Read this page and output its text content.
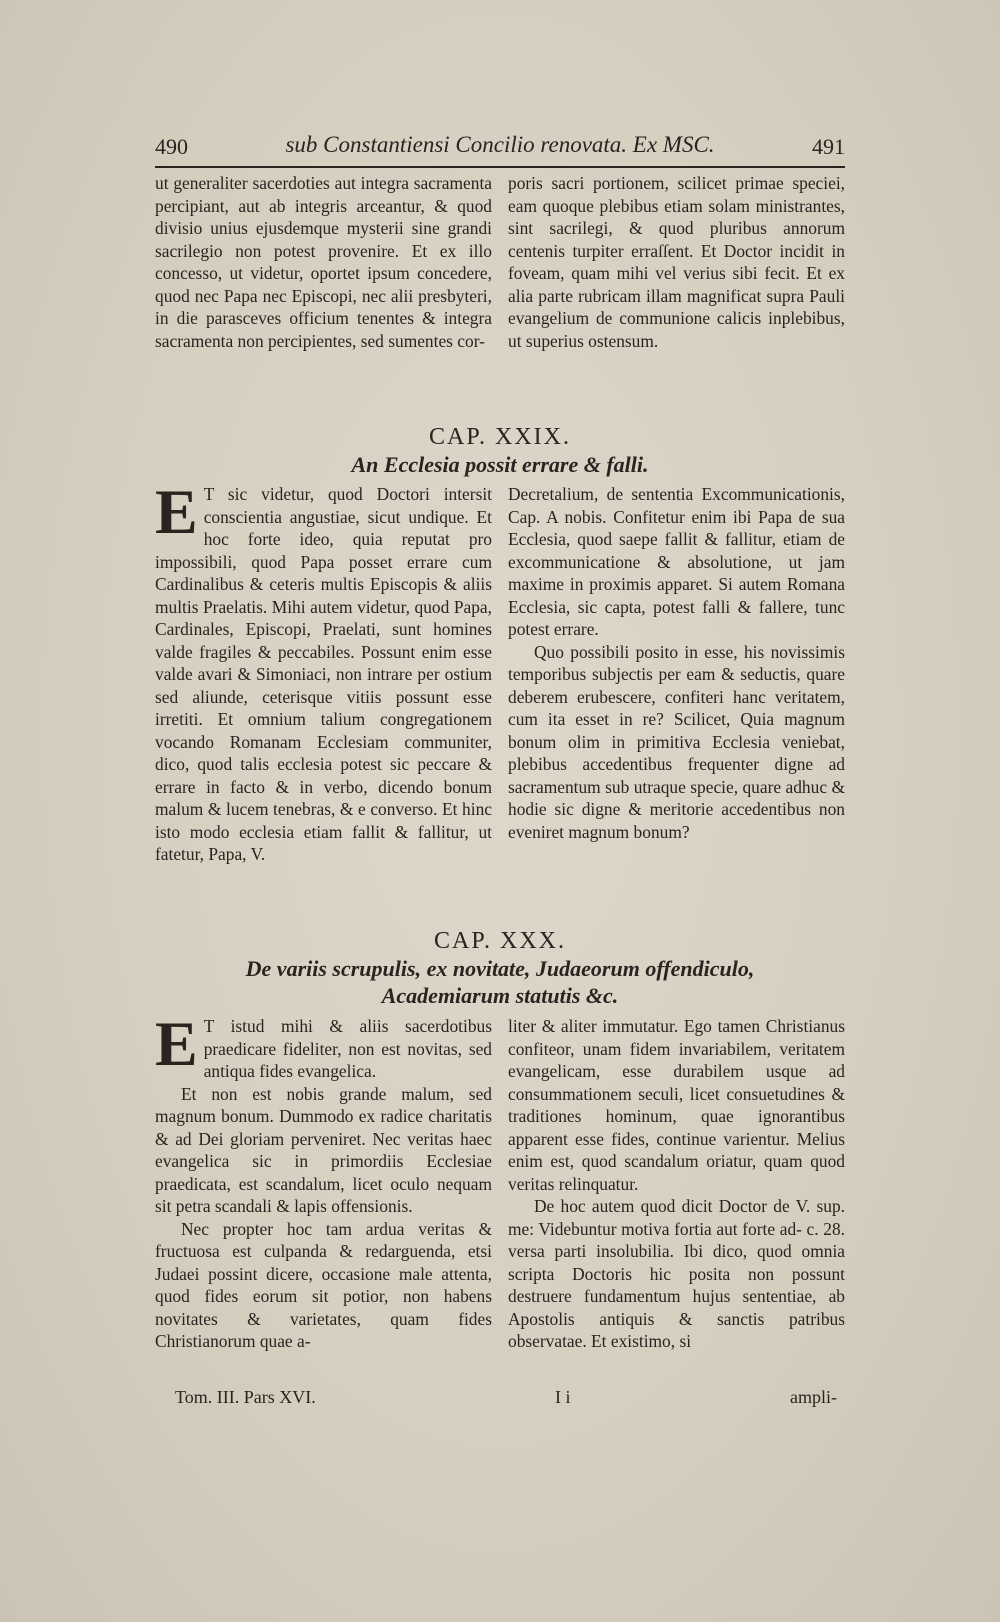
490	sub Constantiensi Concilio renovata. Ex MSC.	491

ut generaliter sacerdoties aut integra sacramenta percipiant, aut ab integris arceantur, & quod divisio unius ejusdemque mysterii sine grandi sacrilegio non potest provenire. Et ex illo concesso, ut videtur, oportet ipsum concedere, quod nec Papa nec Episcopi, nec alii presbyteri, in die parasceves officium tenentes & integra sacramenta non percipientes, sed sumentes cor-

poris sacri portionem, scilicet primae speciei, eam quoque plebibus etiam solam ministrantes, sint sacrilegi, & quod pluribus annorum centenis turpiter erraſſent. Et Doctor incidit in foveam, quam mihi vel verius sibi fecit. Et ex alia parte rubricam illam magnificat supra Pauli evangelium de communione calicis inplebibus, ut superius ostensum.

CAP. XXIX.
An Ecclesia possit errare & falli.
E T sic videtur, quod Doctori intersit conscientia angustiae, sicut undique. Et hoc forte ideo, quia reputat pro impossibili, quod Papa posset errare cum Cardinalibus & ceteris multis Episcopis & aliis multis Praelatis. Mihi autem videtur, quod Papa, Cardinales, Episcopi, Praelati, sunt homines valde fragiles & peccabiles. Possunt enim esse valde avari & Simoniaci, non intrare per ostium sed aliunde, ceterisque vitiis possunt esse irretiti. Et omnium talium congregationem vocando Romanam Ecclesiam communiter, dico, quod talis ecclesia potest sic peccare & errare in facto & in verbo, dicendo bonum malum & lucem tenebras, & e converso. Et hinc isto modo ecclesia etiam fallit & fallitur, ut fatetur, Papa, V.

Decretalium, de sententia Excommunicationis, Cap. A nobis. Confitetur enim ibi Papa de sua Ecclesia, quod saepe fallit & fallitur, etiam de excommunicatione & absolutione, ut jam maxime in proximis apparet. Si autem Romana Ecclesia, sic capta, potest falli & fallere, tunc potest errare.

Quo possibili posito in esse, his novissimis temporibus subjectis per eam & seductis, quare deberem erubescere, confiteri hanc veritatem, cum ita esset in re? Scilicet, Quia magnum bonum olim in primitiva Ecclesia veniebat, plebibus accedentibus frequenter digne ad sacramentum sub utraque specie, quare adhuc & hodie sic digne & meritorie accedentibus non eveniret magnum bonum?

CAP. XXX.
De variis scrupulis, ex novitate, Judaeorum offendiculo,
Academiarum statutis &c.
E T istud mihi & aliis sacerdotibus praedicare fideliter, non est novitas, sed antiqua fides evangelica.

Et non est nobis grande malum, sed magnum bonum. Dummodo ex radice charitatis & ad Dei gloriam perveniret. Nec veritas haec evangelica sic in primordiis Ecclesiae praedicata, est scandalum, licet oculo nequam sit petra scandali & lapis offensionis.

Nec propter hoc tam ardua veritas & fructuosa est culpanda & redarguenda, etsi Judaei possint dicere, occasione male attenta, quod fides eorum sit potior, non habens novitates & varietates, quam fides Christianorum quae a-

liter & aliter immutatur. Ego tamen Christianus confiteor, unam fidem invariabilem, veritatem evangelicam, esse durabilem usque ad consummationem seculi, licet consuetudines & traditiones hominum, quae ignorantibus apparent esse fides, continue varientur. Melius enim est, quod scandalum oriatur, quam quod veritas relinquatur.

De hoc autem quod dicit Doctor de V. sup. me: Videbuntur motiva fortia aut forte ad- c. 28. versa parti insolubilia. Ibi dico, quod omnia scripta Doctoris hic posita non possunt destruere fundamentum hujus sententiae, ab Apostolis antiquis & sanctis patribus observatae. Et existimo, si

Tom. III. Pars XVI.	I i	ampli-
